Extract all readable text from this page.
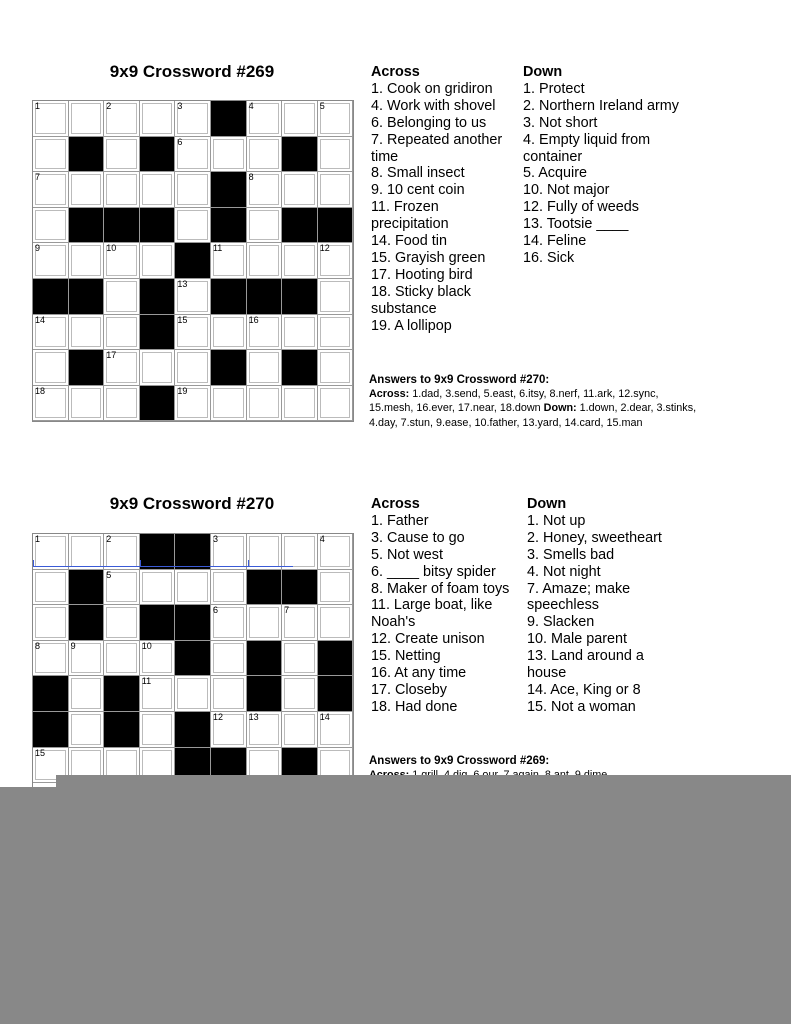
9x9 Crossword #269
1	2	3	4	5
6
7	8
9	10	11	12
13
14	15	16
17
18	19
Across
1. Cook on gridiron
4. Work with shovel
6. Belonging to us
7. Repeated another time
8. Small insect
9. 10 cent coin
11. Frozen precipitation
14. Food tin
15. Grayish green
17. Hooting bird
18. Sticky black substance
19. A lollipop
Down
1. Protect
2. Northern Ireland army
3. Not short
4. Empty liquid from container
5. Acquire
10. Not major
12. Fully of weeds
13. Tootsie ____
14. Feline
16. Sick
Answers to 9x9 Crossword #270:
Across: 1.dad, 3.send, 5.east, 6.itsy, 8.nerf, 11.ark, 12.sync, 15.mesh, 16.ever, 17.near, 18.down Down: 1.down, 2.dear, 3.stinks, 4.day, 7.stun, 9.ease, 10.father, 13.yard, 14.card, 15.man
9x9 Crossword #270
1	2	3	4
5
6	7
8	9	10
11
12	13	14
15
Across
1. Father
3. Cause to go
5. Not west
6. ____ bitsy spider
8. Maker of foam toys
11. Large boat, like Noah's
12. Create unison
15. Netting
16. At any time
17. Closeby
18. Had done
Down
1. Not up
2. Honey, sweetheart
3. Smells bad
4. Not night
7. Amaze; make speechless
9. Slacken
10. Male parent
13. Land around a house
14. Ace, King or 8
15. Not a woman
Answers to 9x9 Crossword #269:
